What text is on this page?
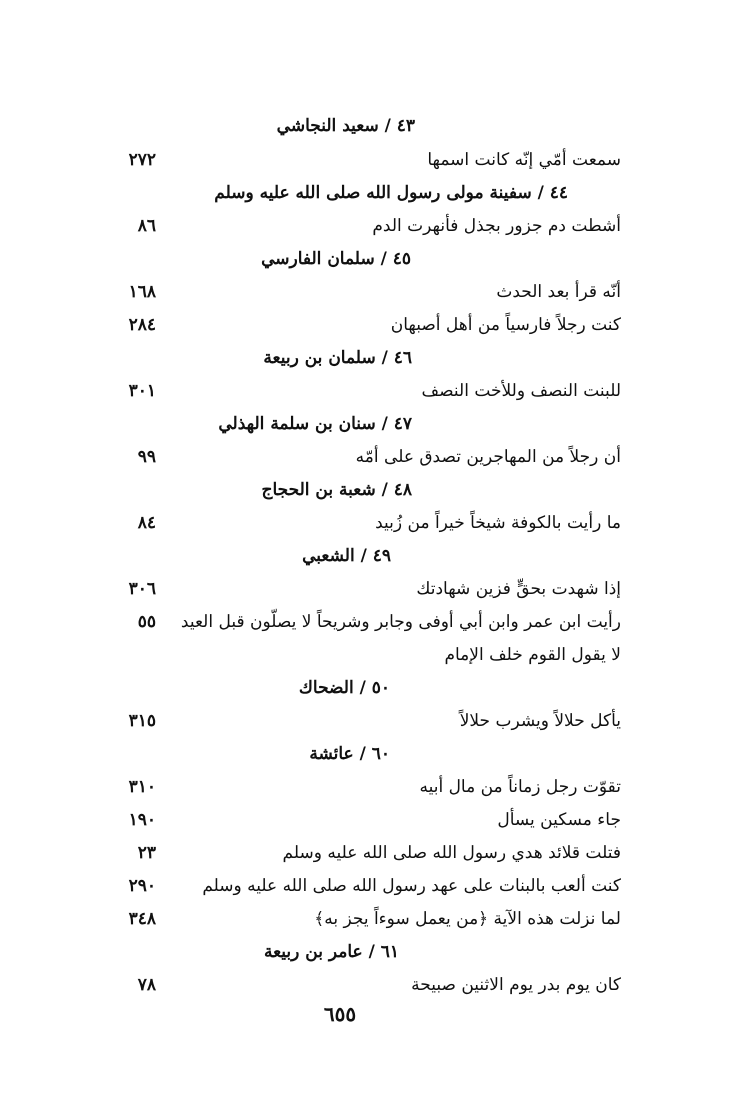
٤٣ / سعيد النجاشي
سمعت أمّي إنّه كانت اسمها
٢٧٢
٤٤ / سفينة مولى رسول الله صلى الله عليه وسلم
أشطت دم جزور بجذل فأنهرت الدم
٨٦
٤٥ / سلمان الفارسي
أنّه قرأ بعد الحدث
١٦٨
كنت رجلاً فارسياً من أهل أصبهان
٢٨٤
٤٦ / سلمان بن ربيعة
للبنت النصف وللأخت النصف
٣٠١
٤٧ / سنان بن سلمة الهذلي
أن رجلاً من المهاجرين تصدق على أمّه
٩٩
٤٨ / شعبة بن الحجاج
ما رأيت بالكوفة شيخاً خيراً من زُبيد
٨٤
٤٩ / الشعبي
إذا شهدت بحقٍّ فزين شهادتك
٣٠٦
رأيت ابن عمر وابن أبي أوفى وجابر وشريحاً لا يصلّون قبل العيد
٥٥
لا يقول القوم خلف الإمام
٥٠ / الضحاك
يأكل حلالاً ويشرب حلالاً
٣١٥
٦٠ / عائشة
تقوّت رجل زماناً من مال أبيه
٣١٠
جاء مسكين يسأل
١٩٠
فتلت قلائد هدي رسول الله صلى الله عليه وسلم
٢٣
كنت ألعب بالبنات على عهد رسول الله صلى الله عليه وسلم
٢٩٠
لما نزلت هذه الآية ﴿من يعمل سوءاً يجز به﴾
٣٤٨
٦١ / عامر بن ربيعة
كان يوم بدر يوم الاثنين صبيحة
٧٨
٦٥٥
